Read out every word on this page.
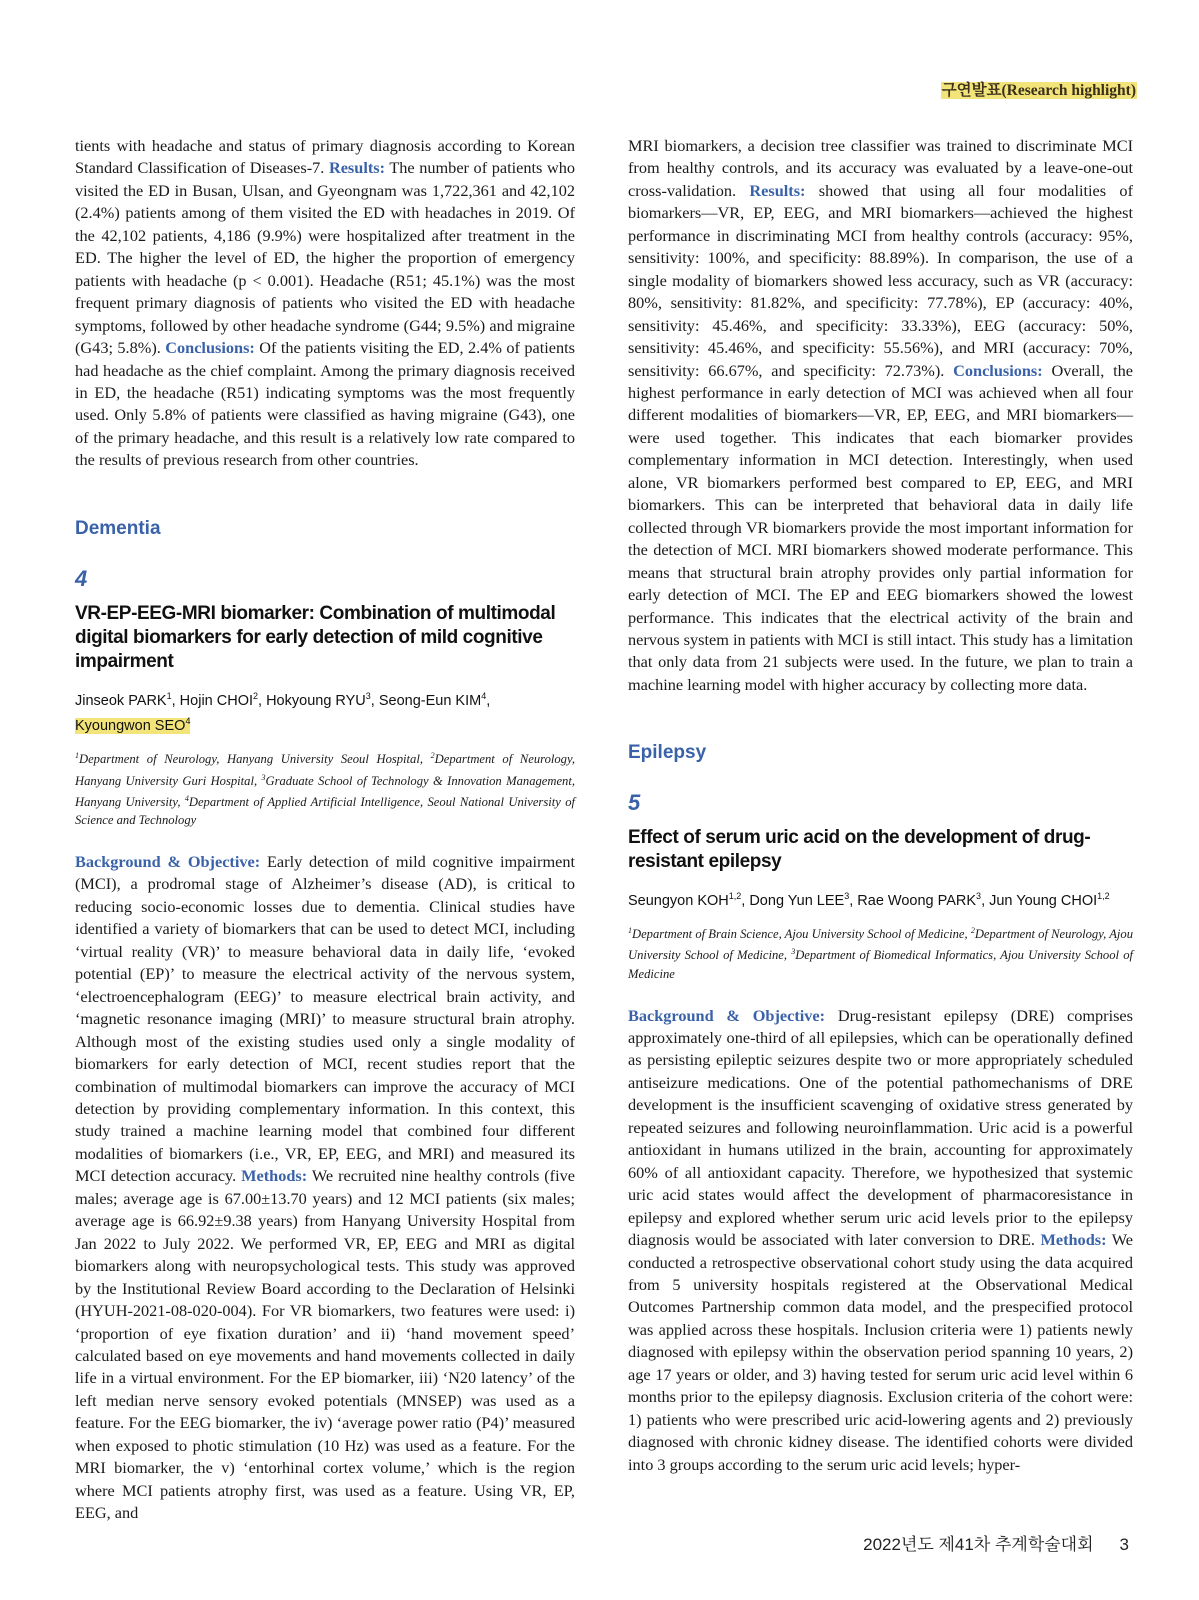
구연발표(Research highlight)

tients with headache and status of primary diagnosis according to Korean Standard Classification of Diseases-7. Results: The number of patients who visited the ED in Busan, Ulsan, and Gyeongnam was 1,722,361 and 42,102 (2.4%) patients among of them visited the ED with headaches in 2019. Of the 42,102 patients, 4,186 (9.9%) were hospitalized after treatment in the ED. The higher the level of ED, the higher the proportion of emergency patients with headache (p < 0.001). Headache (R51; 45.1%) was the most frequent primary diagnosis of patients who visited the ED with headache symptoms, followed by other headache syndrome (G44; 9.5%) and migraine (G43; 5.8%). Conclusions: Of the patients visiting the ED, 2.4% of patients had headache as the chief complaint. Among the primary diagnosis received in ED, the headache (R51) indicating symptoms was the most frequently used. Only 5.8% of patients were classified as having migraine (G43), one of the primary headache, and this result is a relatively low rate compared to the results of previous research from other countries.

Dementia
4
VR-EP-EEG-MRI biomarker: Combination of multimodal digital biomarkers for early detection of mild cognitive impairment

Jinseok PARK$^1$, Hojin CHOI$^2$, Hokyoung RYU$^3$, Seong-Eun KIM$^4$,
Kyoungwon SEO$^4$

$^1$Department of Neurology, Hanyang University Seoul Hospital, $^2$Department of Neurology, Hanyang University Guri Hospital, $^3$Graduate School of Technology & Innovation Management, Hanyang University, $^4$Department of Applied Artificial Intelligence, Seoul National University of Science and Technology

Background & Objective: Early detection of mild cognitive impairment (MCI), a prodromal stage of Alzheimer’s disease (AD), is critical to reducing socio-economic losses due to dementia. Clinical studies have identified a variety of biomarkers that can be used to detect MCI, including ‘virtual reality (VR)’ to measure behavioral data in daily life, ‘evoked potential (EP)’ to measure the electrical activity of the nervous system, ‘electroencephalogram (EEG)’ to measure electrical brain activity, and ‘magnetic resonance imaging (MRI)’ to measure structural brain atrophy. Although most of the existing studies used only a single modality of biomarkers for early detection of MCI, recent studies report that the combination of multimodal biomarkers can improve the accuracy of MCI detection by providing complementary information. In this context, this study trained a machine learning model that combined four different modalities of biomarkers (i.e., VR, EP, EEG, and MRI) and measured its MCI detection accuracy. Methods: We recruited nine healthy controls (five males; average age is 67.00±13.70 years) and 12 MCI patients (six males; average age is 66.92±9.38 years) from Hanyang University Hospital from Jan 2022 to July 2022. We performed VR, EP, EEG and MRI as digital biomarkers along with neuropsychological tests. This study was approved by the Institutional Review Board according to the Declaration of Helsinki (HYUH-2021-08-020-004). For VR biomarkers, two features were used: i) ‘proportion of eye fixation duration’ and ii) ‘hand movement speed’ calculated based on eye movements and hand movements collected in daily life in a virtual environment. For the EP biomarker, iii) ‘N20 latency’ of the left median nerve sensory evoked potentials (MNSEP) was used as a feature. For the EEG biomarker, the iv) ‘average power ratio (P4)’ measured when exposed to photic stimulation (10 Hz) was used as a feature. For the MRI biomarker, the v) ‘entorhinal cortex volume,’ which is the region where MCI patients atrophy first, was used as a feature. Using VR, EP, EEG, and

MRI biomarkers, a decision tree classifier was trained to discriminate MCI from healthy controls, and its accuracy was evaluated by a leave-one-out cross-validation. Results: showed that using all four modalities of biomarkers—VR, EP, EEG, and MRI biomarkers—achieved the highest performance in discriminating MCI from healthy controls (accuracy: 95%, sensitivity: 100%, and specificity: 88.89%). In comparison, the use of a single modality of biomarkers showed less accuracy, such as VR (accuracy: 80%, sensitivity: 81.82%, and specificity: 77.78%), EP (accuracy: 40%, sensitivity: 45.46%, and specificity: 33.33%), EEG (accuracy: 50%, sensitivity: 45.46%, and specificity: 55.56%), and MRI (accuracy: 70%, sensitivity: 66.67%, and specificity: 72.73%). Conclusions: Overall, the highest performance in early detection of MCI was achieved when all four different modalities of biomarkers—VR, EP, EEG, and MRI biomarkers—were used together. This indicates that each biomarker provides complementary information in MCI detection. Interestingly, when used alone, VR biomarkers performed best compared to EP, EEG, and MRI biomarkers. This can be interpreted that behavioral data in daily life collected through VR biomarkers provide the most important information for the detection of MCI. MRI biomarkers showed moderate performance. This means that structural brain atrophy provides only partial information for early detection of MCI. The EP and EEG biomarkers showed the lowest performance. This indicates that the electrical activity of the brain and nervous system in patients with MCI is still intact. This study has a limitation that only data from 21 subjects were used. In the future, we plan to train a machine learning model with higher accuracy by collecting more data.

Epilepsy
5
Effect of serum uric acid on the development of drug-resistant epilepsy

Seungyon KOH$^{1,2}$, Dong Yun LEE$^3$, Rae Woong PARK$^3$, Jun Young CHOI$^{1,2}$

$^1$Department of Brain Science, Ajou University School of Medicine, $^2$Department of Neurology, Ajou University School of Medicine, $^3$Department of Biomedical Informatics, Ajou University School of Medicine

Background & Objective: Drug-resistant epilepsy (DRE) comprises approximately one-third of all epilepsies, which can be operationally defined as persisting epileptic seizures despite two or more appropriately scheduled antiseizure medications. One of the potential pathomechanisms of DRE development is the insufficient scavenging of oxidative stress generated by repeated seizures and following neuroinflammation. Uric acid is a powerful antioxidant in humans utilized in the brain, accounting for approximately 60% of all antioxidant capacity. Therefore, we hypothesized that systemic uric acid states would affect the development of pharmacoresistance in epilepsy and explored whether serum uric acid levels prior to the epilepsy diagnosis would be associated with later conversion to DRE. Methods: We conducted a retrospective observational cohort study using the data acquired from 5 university hospitals registered at the Observational Medical Outcomes Partnership common data model, and the prespecified protocol was applied across these hospitals. Inclusion criteria were 1) patients newly diagnosed with epilepsy within the observation period spanning 10 years, 2) age 17 years or older, and 3) having tested for serum uric acid level within 6 months prior to the epilepsy diagnosis. Exclusion criteria of the cohort were: 1) patients who were prescribed uric acid-lowering agents and 2) previously diagnosed with chronic kidney disease. The identified cohorts were divided into 3 groups according to the serum uric acid levels; hyper-

2022년도 제41차 추계학술대회 3
